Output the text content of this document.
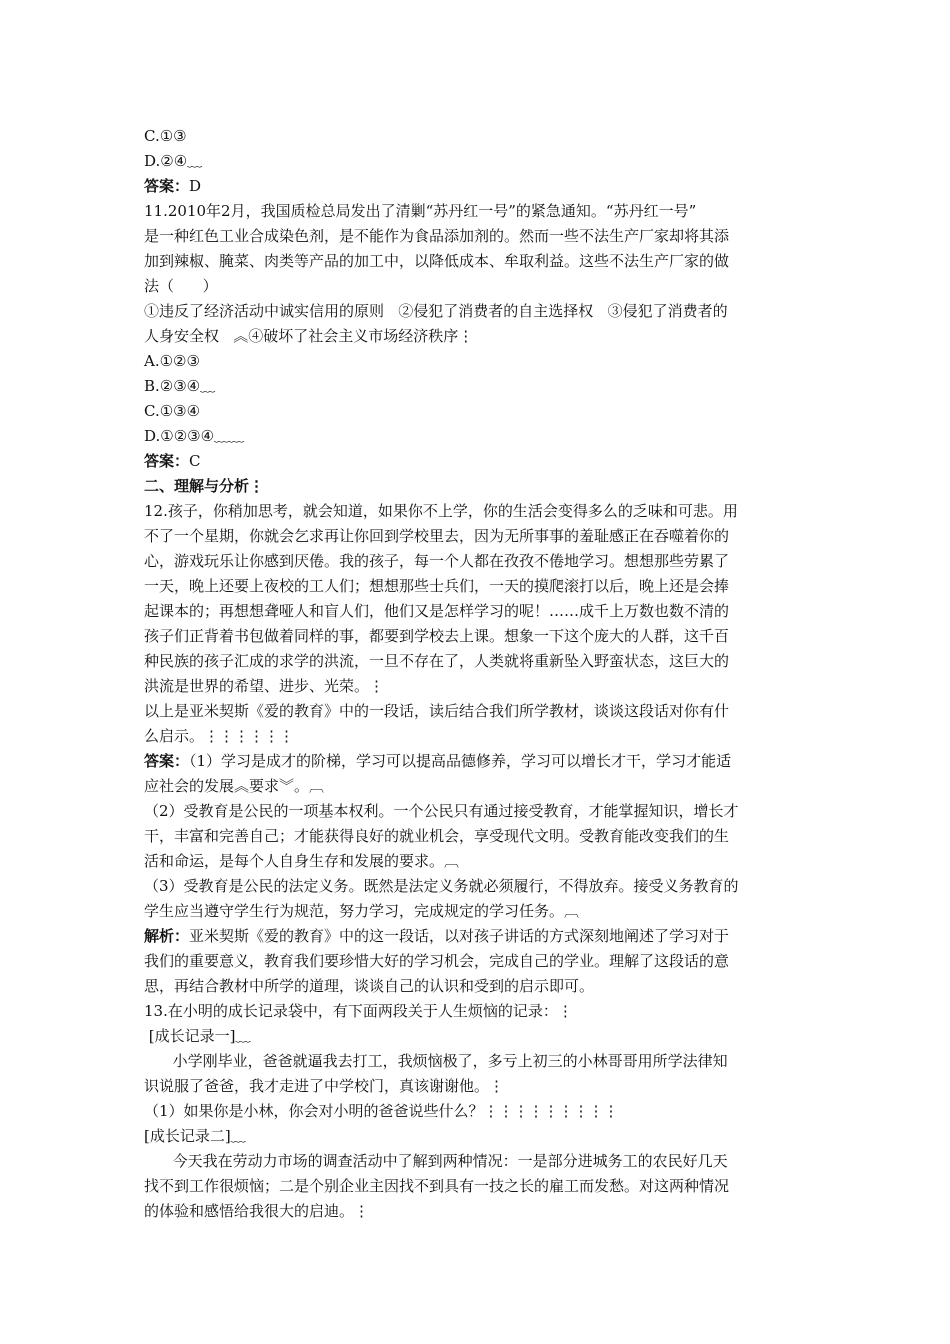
C.①③
D.②④﹏
答案：D
11.2010年2月，我国质检总局发出了清剿“苏丹红一号”的紧急通知。“苏丹红一号”
是一种红色工业合成染色剂，是不能作为食品添加剂的。然而一些不法生产厂家却将其添
加到辣椒、腌菜、肉类等产品的加工中，以降低成本、牟取利益。这些不法生产厂家的做
法（      ）
①违反了经济活动中诚实信用的原则   ②侵犯了消费者的自主选择权   ③侵犯了消费者的
人身安全权   ︽④破坏了社会主义市场经济秩序⋮
A.①②③
B.②③④﹏
C.①③④
D.①②③④﹏﹏
答案：C
二、理解与分析⋮
12.孩子，你稍加思考，就会知道，如果你不上学，你的生活会变得多么的乏味和可悲。用
不了一个星期，你就会乞求再让你回到学校里去，因为无所事事的羞耻感正在吞噬着你的
心，游戏玩乐让你感到厌倦。我的孩子，每一个人都在孜孜不倦地学习。想想那些劳累了
一天，晚上还要上夜校的工人们；想想那些士兵们，一天的摸爬滚打以后，晚上还是会捧
起课本的；再想想聋哑人和盲人们，他们又是怎样学习的呢！……成千上万数也数不清的
孩子们正背着书包做着同样的事，都要到学校去上课。想象一下这个庞大的人群，这千百
种民族的孩子汇成的求学的洪流，一旦不存在了，人类就将重新坠入野蛮状态，这巨大的
洪流是世界的希望、进步、光荣。⋮
以上是亚米契斯《爱的教育》中的一段话，读后结合我们所学教材，谈谈这段话对你有什
么启示。⋮⋮⋮⋮⋮⋮
答案：（1）学习是成才的阶梯，学习可以提高品德修养，学习可以增长才干，学习才能适
应社会的发展︽要求︾。︹
（2）受教育是公民的一项基本权利。一个公民只有通过接受教育，才能掌握知识，增长才
干，丰富和完善自己；才能获得良好的就业机会，享受现代文明。受教育能改变我们的生
活和命运，是每个人自身生存和发展的要求。︹
（3）受教育是公民的法定义务。既然是法定义务就必须履行，不得放弃。接受义务教育的
学生应当遵守学生行为规范，努力学习，完成规定的学习任务。︹
解析：亚米契斯《爱的教育》中的这一段话，以对孩子讲话的方式深刻地阐述了学习对于
我们的重要意义，教育我们要珍惜大好的学习机会，完成自己的学业。理解了这段话的意
思，再结合教材中所学的道理，谈谈自己的认识和受到的启示即可。
13.在小明的成长记录袋中，有下面两段关于人生烦恼的记录：⋮
[成长记录一]﹏
小学刚毕业，爸爸就逼我去打工，我烦恼极了，多亏上初三的小林哥哥用所学法律知
识说服了爸爸，我才走进了中学校门，真该谢谢他。⋮
（1）如果你是小林，你会对小明的爸爸说些什么？⋮⋮⋮⋮⋮⋮⋮⋮⋮
[成长记录二]﹏
今天我在劳动力市场的调查活动中了解到两种情况：一是部分进城务工的农民好几天
找不到工作很烦恼；二是个别企业主因找不到具有一技之长的雇工而发愁。对这两种情况
的体验和感悟给我很大的启迪。⋮
